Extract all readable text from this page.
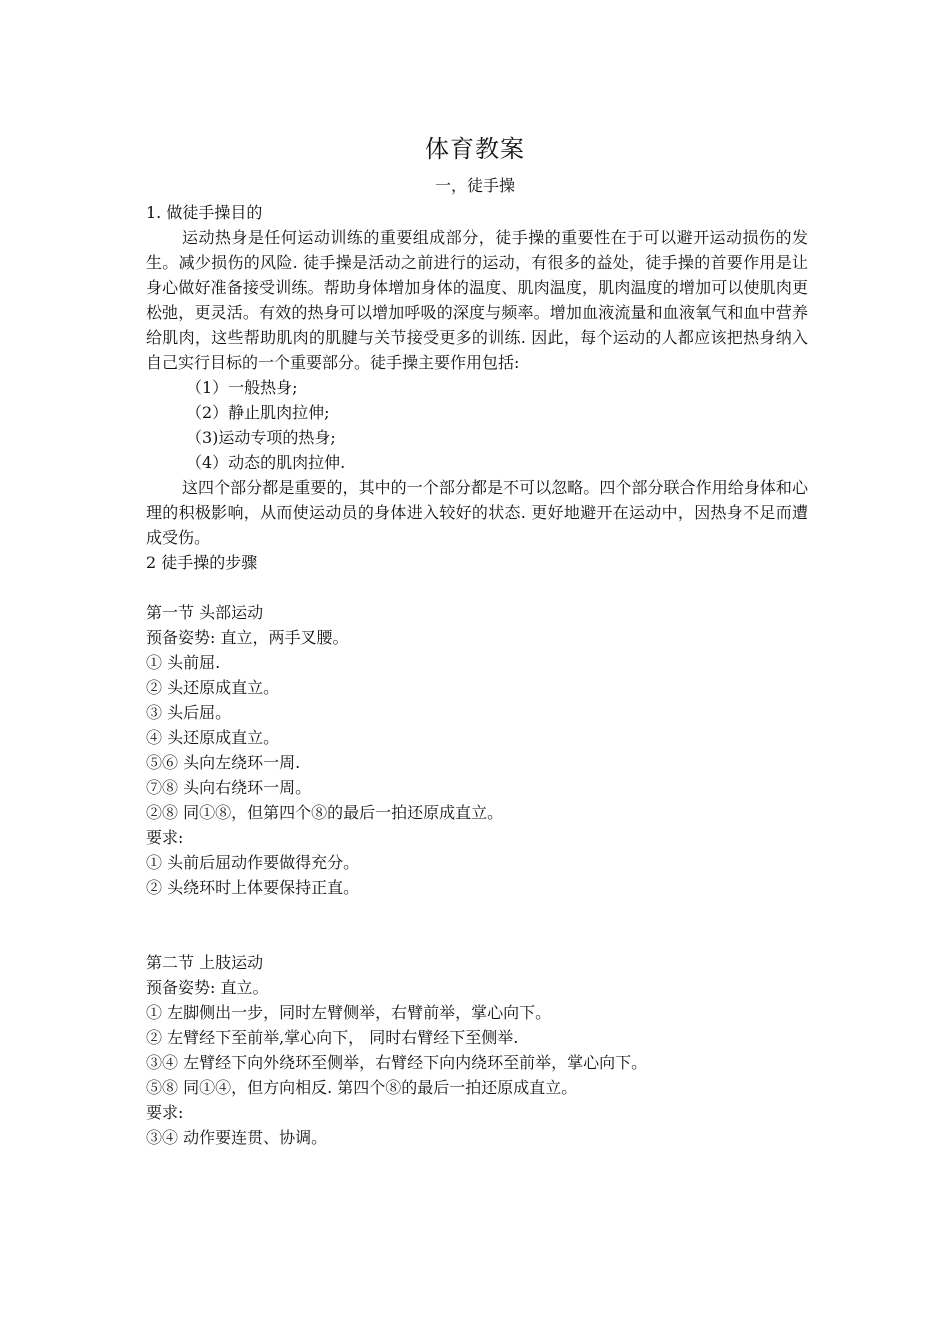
体育教案
一，徒手操
1. 做徒手操目的
运动热身是任何运动训练的重要组成部分，徒手操的重要性在于可以避开运动损伤的发生。减少损伤的风险. 徒手操是活动之前进行的运动，有很多的益处，徒手操的首要作用是让身心做好准备接受训练。帮助身体增加身体的温度、肌肉温度，肌肉温度的增加可以使肌肉更松弛，更灵活。有效的热身可以增加呼吸的深度与频率。增加血液流量和血液氧气和血中营养给肌肉，这些帮助肌肉的肌腱与关节接受更多的训练. 因此，每个运动的人都应该把热身纳入自己实行目标的一个重要部分。徒手操主要作用包括:
（1）一般热身;
（2）静止肌肉拉伸;
（3)运动专项的热身;
（4）动态的肌肉拉伸.
这四个部分都是重要的，其中的一个部分都是不可以忽略。四个部分联合作用给身体和心理的积极影响，从而使运动员的身体进入较好的状态. 更好地避开在运动中，因热身不足而遭成受伤。
2 徒手操的步骤
第一节 头部运动
预备姿势: 直立，两手叉腰。
① 头前屈.
② 头还原成直立。
③ 头后屈。
④ 头还原成直立。
⑤⑥ 头向左绕环一周.
⑦⑧ 头向右绕环一周。
②⑧ 同①⑧，但第四个⑧的最后一拍还原成直立。
要求:
① 头前后屈动作要做得充分。
② 头绕环时上体要保持正直。
第二节 上肢运动
预备姿势: 直立。
① 左脚侧出一步，同时左臂侧举，右臂前举，掌心向下。
② 左臂经下至前举,掌心向下， 同时右臂经下至侧举.
③④ 左臂经下向外绕环至侧举，右臂经下向内绕环至前举，掌心向下。
⑤⑧ 同①④，但方向相反. 第四个⑧的最后一拍还原成直立。
要求:
③④ 动作要连贯、协调。
